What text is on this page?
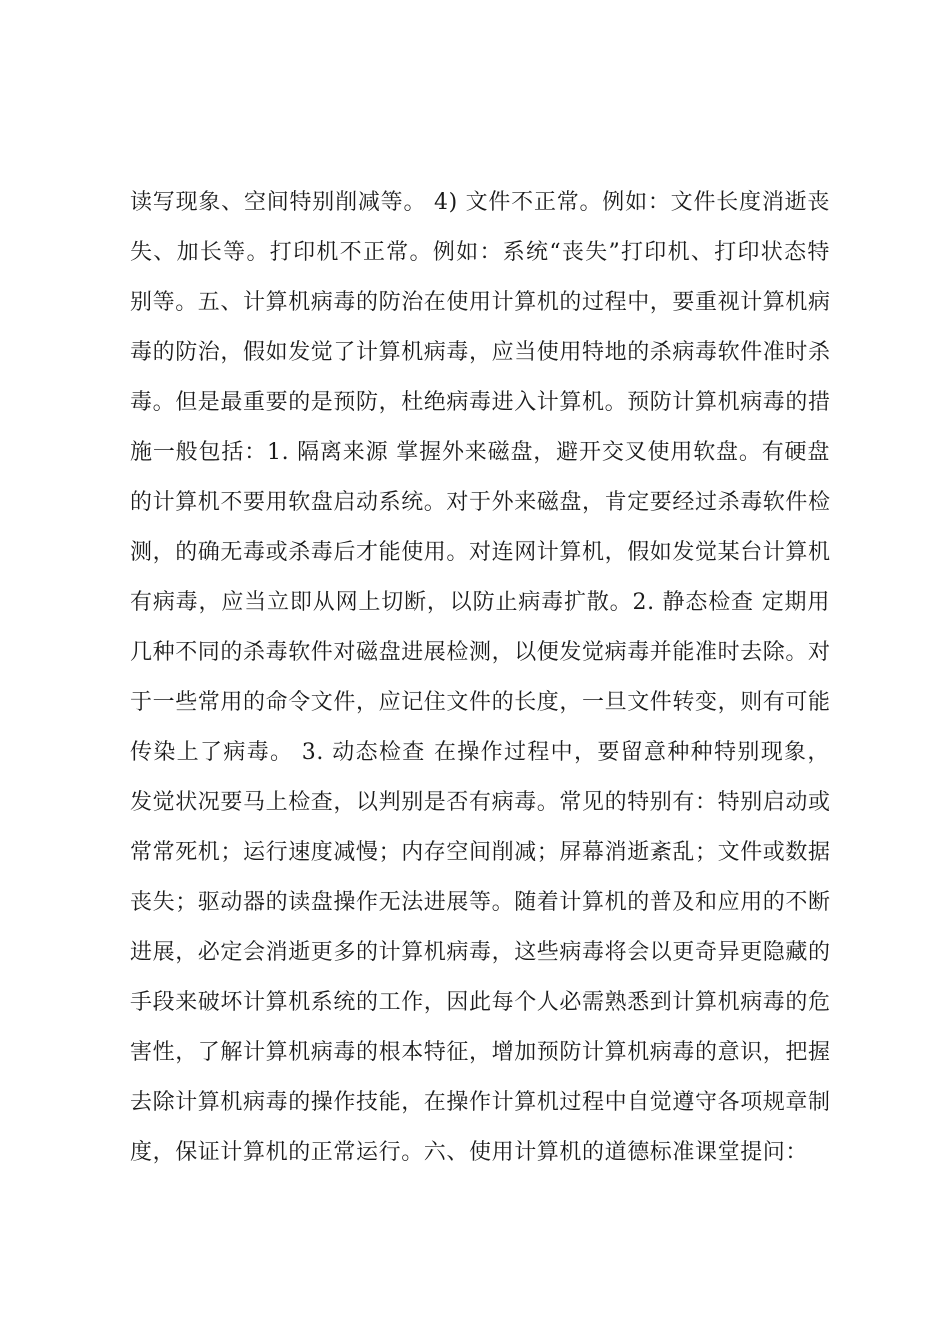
读写现象、空间特别削减等。 4) 文件不正常。例如：文件长度消逝丧
失、加长等。打印机不正常。例如：系统“丧失”打印机、打印状态特
别等。五、计算机病毒的防治在使用计算机的过程中，要重视计算机病
毒的防治，假如发觉了计算机病毒，应当使用特地的杀病毒软件准时杀
毒。但是最重要的是预防，杜绝病毒进入计算机。预防计算机病毒的措
施一般包括：1. 隔离来源 掌握外来磁盘，避开交叉使用软盘。有硬盘
的计算机不要用软盘启动系统。对于外来磁盘，肯定要经过杀毒软件检
测，的确无毒或杀毒后才能使用。对连网计算机，假如发觉某台计算机
有病毒，应当立即从网上切断，以防止病毒扩散。2. 静态检查 定期用
几种不同的杀毒软件对磁盘进展检测，以便发觉病毒并能准时去除。对
于一些常用的命令文件，应记住文件的长度，一旦文件转变，则有可能
传染上了病毒。 3. 动态检查 在操作过程中，要留意种种特别现象，
发觉状况要马上检查，以判别是否有病毒。常见的特别有：特别启动或
常常死机；运行速度减慢；内存空间削减；屏幕消逝紊乱；文件或数据
丧失；驱动器的读盘操作无法进展等。随着计算机的普及和应用的不断
进展，必定会消逝更多的计算机病毒，这些病毒将会以更奇异更隐藏的
手段来破坏计算机系统的工作，因此每个人必需熟悉到计算机病毒的危
害性，了解计算机病毒的根本特征，增加预防计算机病毒的意识，把握
去除计算机病毒的操作技能，在操作计算机过程中自觉遵守各项规章制
度，保证计算机的正常运行。六、使用计算机的道德标准课堂提问：
